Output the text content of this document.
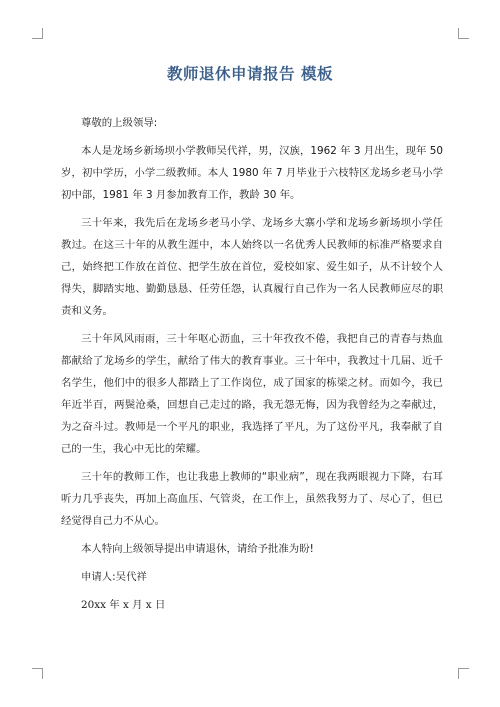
教师退休申请报告 模板

尊敬的上级领导:

本人是龙场乡新场坝小学教师吴代祥，男，汉族，1962 年 3 月出生，现年 50 岁，初中学历，小学二级教师。本人 1980 年 7 月毕业于六枝特区龙场乡老马小学初中部，1981 年 3 月参加教育工作，教龄 30 年。

三十年来，我先后在龙场乡老马小学、龙场乡大寨小学和龙场乡新场坝小学任教过。在这三十年的从教生涯中，本人始终以一名优秀人民教师的标准严格要求自己，始终把工作放在首位、把学生放在首位，爱校如家、爱生如子，从不计较个人得失，脚踏实地、勤勤恳恳、任劳任怨，认真履行自己作为一名人民教师应尽的职责和义务。

三十年风风雨雨，三十年呕心沥血，三十年孜孜不倦，我把自己的青春与热血都献给了龙场乡的学生，献给了伟大的教育事业。三十年中，我教过十几届、近千名学生，他们中的很多人都踏上了工作岗位，成了国家的栋梁之材。而如今，我已年近半百，两鬓沧桑，回想自己走过的路，我无怨无悔，因为我曾经为之奉献过，为之奋斗过。教师是一个平凡的职业，我选择了平凡，为了这份平凡，我奉献了自己的一生，我心中无比的荣耀。

三十年的教师工作，也让我患上教师的“职业病”，现在我两眼视力下降，右耳听力几乎丧失，再加上高血压、气管炎，在工作上，虽然我努力了、尽心了，但已经觉得自己力不从心。

本人特向上级领导提出申请退休，请给予批准为盼!

申请人:吴代祥

20xx 年 x 月 x 日
